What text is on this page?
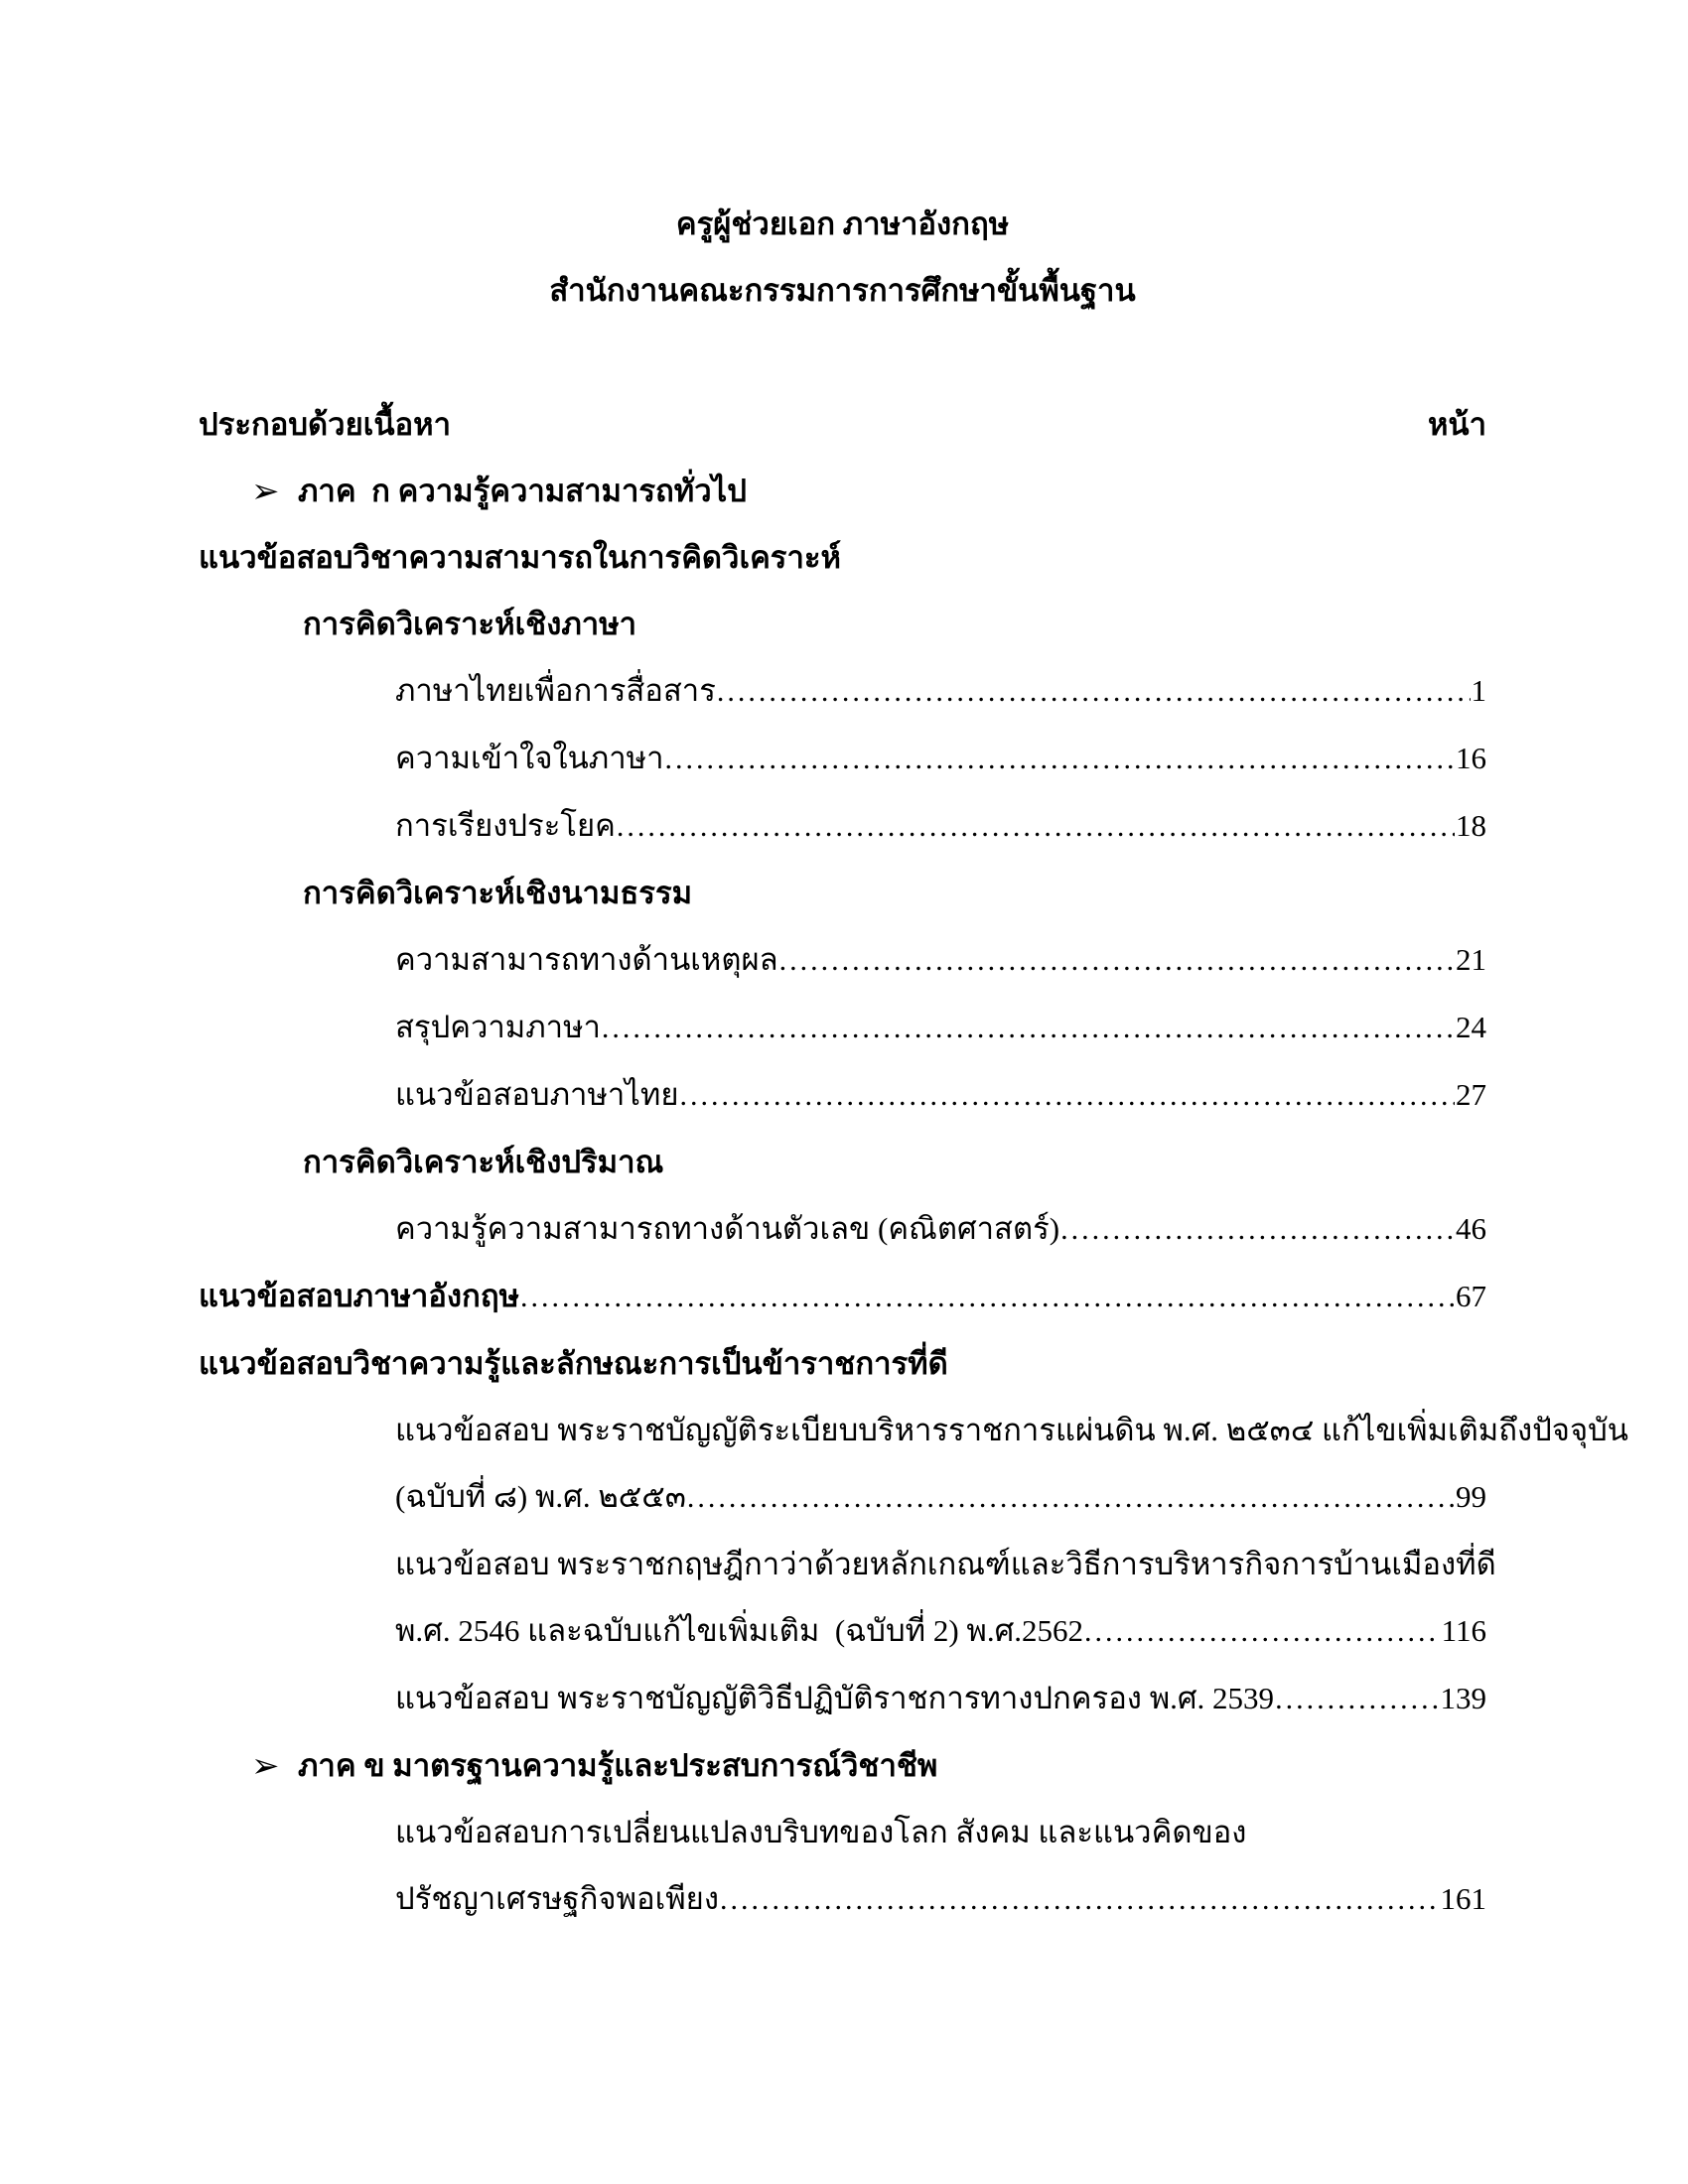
ครูผู้ช่วยเอก ภาษาอังกฤษ
สำนักงานคณะกรรมการการศึกษาขั้นพื้นฐาน
ประกอบด้วยเนื้อหา	หน้า
➢ ภาค  ก ความรู้ความสามารถทั่วไป
แนวข้อสอบวิชาความสามารถในการคิดวิเคราะห์
การคิดวิเคราะห์เชิงภาษา
ภาษาไทยเพื่อการสื่อสาร .....	1
ความเข้าใจในภาษา .....	16
การเรียงประโยค .....	18
การคิดวิเคราะห์เชิงนามธรรม
ความสามารถทางด้านเหตุผล .....	21
สรุปความภาษา .....	24
แนวข้อสอบภาษาไทย .....	27
การคิดวิเคราะห์เชิงปริมาณ
ความรู้ความสามารถทางด้านตัวเลข (คณิตศาสตร์) .....	46
แนวข้อสอบภาษาอังกฤษ .....	67
แนวข้อสอบวิชาความรู้และลักษณะการเป็นข้าราชการที่ดี
แนวข้อสอบ พระราชบัญญัติระเบียบบริหารราชการแผ่นดิน พ.ศ. ๒๕๓๔ แก้ไขเพิ่มเติมถึงปัจจุบัน
(ฉบับที่ ๘) พ.ศ. ๒๕๕๓ .....	99
แนวข้อสอบ พระราชกฤษฎีกาว่าด้วยหลักเกณฑ์และวิธีการบริหารกิจการบ้านเมืองที่ดี
พ.ศ. 2546 และฉบับแก้ไขเพิ่มเติม  (ฉบับที่ 2) พ.ศ.2562 .....	116
แนวข้อสอบ พระราชบัญญัติวิธีปฏิบัติราชการทางปกครอง พ.ศ. 2539 .....	139
➢ ภาค ข มาตรฐานความรู้และประสบการณ์วิชาชีพ
แนวข้อสอบการเปลี่ยนแปลงบริบทของโลก สังคม และแนวคิดของ
ปรัชญาเศรษฐกิจพอเพียง .....	161
